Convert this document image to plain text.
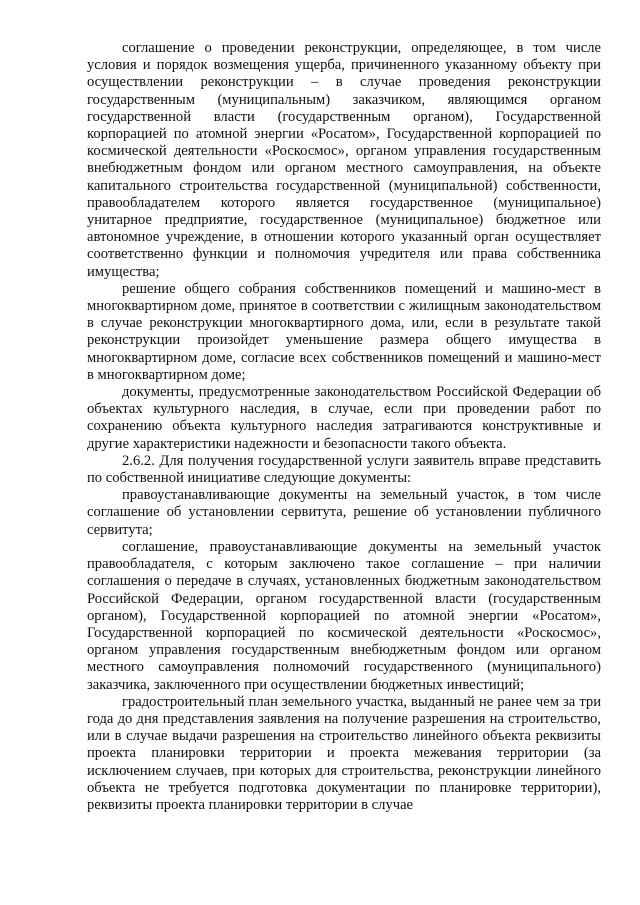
соглашение о проведении реконструкции, определяющее, в том числе условия и порядок возмещения ущерба, причиненного указанному объекту при осуществлении реконструкции – в случае проведения реконструкции государственным (муниципальным) заказчиком, являющимся органом государственной власти (государственным органом), Государственной корпорацией по атомной энергии «Росатом», Государственной корпорацией по космической деятельности «Роскосмос», органом управления государственным внебюджетным фондом или органом местного самоуправления, на объекте капитального строительства государственной (муниципальной) собственности, правообладателем которого является государственное (муниципальное) унитарное предприятие, государственное (муниципальное) бюджетное или автономное учреждение, в отношении которого указанный орган осуществляет соответственно функции и полномочия учредителя или права собственника имущества;

решение общего собрания собственников помещений и машино-мест в многоквартирном доме, принятое в соответствии с жилищным законодательством в случае реконструкции многоквартирного дома, или, если в результате такой реконструкции произойдет уменьшение размера общего имущества в многоквартирном доме, согласие всех собственников помещений и машино-мест в многоквартирном доме;

документы, предусмотренные законодательством Российской Федерации об объектах культурного наследия, в случае, если при проведении работ по сохранению объекта культурного наследия затрагиваются конструктивные и другие характеристики надежности и безопасности такого объекта.

2.6.2. Для получения государственной услуги заявитель вправе представить по собственной инициативе следующие документы:

правоустанавливающие документы на земельный участок, в том числе соглашение об установлении сервитута, решение об установлении публичного сервитута;

соглашение, правоустанавливающие документы на земельный участок правообладателя, с которым заключено такое соглашение – при наличии соглашения о передаче в случаях, установленных бюджетным законодательством Российской Федерации, органом государственной власти (государственным органом), Государственной корпорацией по атомной энергии «Росатом», Государственной корпорацией по космической деятельности «Роскосмос», органом управления государственным внебюджетным фондом или органом местного самоуправления полномочий государственного (муниципального) заказчика, заключенного при осуществлении бюджетных инвестиций;

градостроительный план земельного участка, выданный не ранее чем за три года до дня представления заявления на получение разрешения на строительство, или в случае выдачи разрешения на строительство линейного объекта реквизиты проекта планировки территории и проекта межевания территории (за исключением случаев, при которых для строительства, реконструкции линейного объекта не требуется подготовка документации по планировке территории), реквизиты проекта планировки территории в случае
